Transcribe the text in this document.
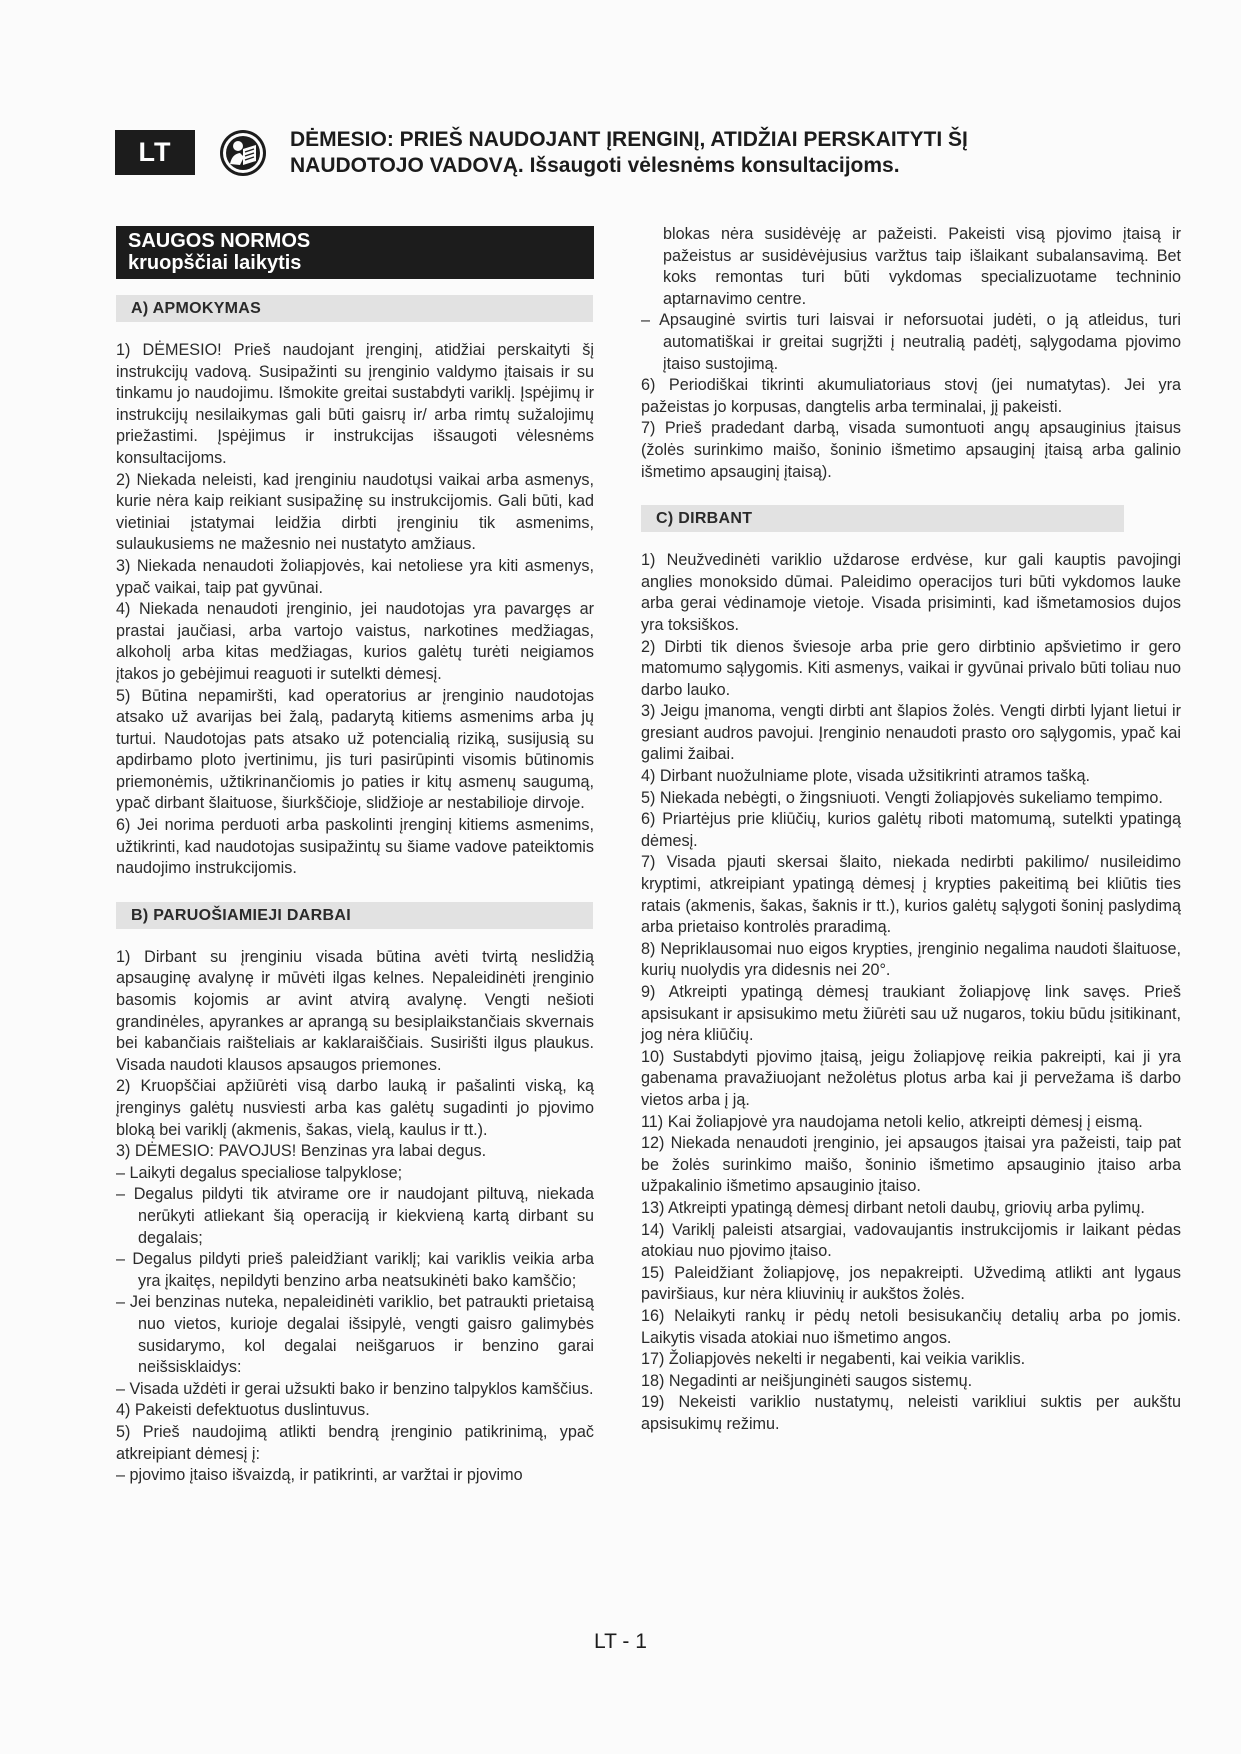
LT	DĖMESIO: PRIEŠ NAUDOJANT ĮRENGINĮ, ATIDŽIAI PERSKAITYTI ŠĮ
NAUDOTOJO VADOVĄ. Išsaugoti vėlesnėms konsultacijoms.
SAUGOS NORMOS
kruopščiai laikytis
A) APMOKYMAS

1) DĖMESIO! Prieš naudojant įrenginį, atidžiai perskaityti šį instrukcijų vadovą. Susipažinti su įrenginio valdymo įtaisais ir su tinkamu jo naudojimu. Išmokite greitai sustabdyti variklį. Įspėjimų ir instrukcijų nesilaikymas gali būti gaisrų ir/ arba rimtų sužalojimų priežastimi. Įspėjimus ir instrukcijas išsaugoti vėlesnėms konsultacijoms.

2) Niekada neleisti, kad įrenginiu naudotųsi vaikai arba asmenys, kurie nėra kaip reikiant susipažinę su instrukcijomis. Gali būti, kad vietiniai įstatymai leidžia dirbti įrenginiu tik asmenims, sulaukusiems ne mažesnio nei nustatyto amžiaus.

3) Niekada nenaudoti žoliapjovės, kai netoliese yra kiti asmenys, ypač vaikai, taip pat gyvūnai.

4) Niekada nenaudoti įrenginio, jei naudotojas yra pavargęs ar prastai jaučiasi, arba vartojo vaistus, narkotines medžiagas, alkoholį arba kitas medžiagas, kurios galėtų turėti neigiamos įtakos jo gebėjimui reaguoti ir sutelkti dėmesį.

5) Būtina nepamiršti, kad operatorius ar įrenginio naudotojas atsako už avarijas bei žalą, padarytą kitiems asmenims arba jų turtui. Naudotojas pats atsako už potencialią riziką, susijusią su apdirbamo ploto įvertinimu, jis turi pasirūpinti visomis būtinomis priemonėmis, užtikrinančiomis jo paties ir kitų asmenų saugumą, ypač dirbant šlaituose, šiurkščioje, slidžioje ar nestabilioje dirvoje.

6) Jei norima perduoti arba paskolinti įrenginį kitiems asmenims, užtikrinti, kad naudotojas susipažintų su šiame vadove pateiktomis naudojimo instrukcijomis.

B) PARUOŠIAMIEJI DARBAI

1) Dirbant su įrenginiu visada būtina avėti tvirtą neslidžią apsauginę avalynę ir mūvėti ilgas kelnes. Nepaleidinėti įrenginio basomis kojomis ar avint atvirą avalynę. Vengti nešioti grandinėles, apyrankes ar aprangą su besiplaikstančiais skvernais bei kabančiais raišteliais ar kaklaraiščiais. Susirišti ilgus plaukus. Visada naudoti klausos apsaugos priemones.

2) Kruopščiai apžiūrėti visą darbo lauką ir pašalinti viską, ką įrenginys galėtų nusviesti arba kas galėtų sugadinti jo pjovimo bloką bei variklį (akmenis, šakas, vielą, kaulus ir tt.).

3) DĖMESIO: PAVOJUS! Benzinas yra labai degus.

– Laikyti degalus specialiose talpyklose;

– Degalus pildyti tik atvirame ore ir naudojant piltuvą, niekada nerūkyti atliekant šią operaciją ir kiekvieną kartą dirbant su degalais;

– Degalus pildyti prieš paleidžiant variklį; kai variklis veikia arba yra įkaitęs, nepildyti benzino arba neatsukinėti bako kamščio;

– Jei benzinas nuteka, nepaleidinėti variklio, bet patraukti prietaisą nuo vietos, kurioje degalai išsipylė, vengti gaisro galimybės susidarymo, kol degalai neišgaruos ir benzino garai neišsisklaidys:

– Visada uždėti ir gerai užsukti bako ir benzino talpyklos kamščius.

4) Pakeisti defektuotus duslintuvus.

5) Prieš naudojimą atlikti bendrą įrenginio patikrinimą, ypač atkreipiant dėmesį į:

– pjovimo įtaiso išvaizdą, ir patikrinti, ar varžtai ir pjovimo

blokas nėra susidėvėję ar pažeisti. Pakeisti visą pjovimo įtaisą ir pažeistus ar susidėvėjusius varžtus taip išlaikant subalansavimą. Bet koks remontas turi būti vykdomas specializuotame techninio aptarnavimo centre.

– Apsauginė svirtis turi laisvai ir neforsuotai judėti, o ją atleidus, turi automatiškai ir greitai sugrįžti į neutralią padėtį, sąlygodama pjovimo įtaiso sustojimą.

6) Periodiškai tikrinti akumuliatoriaus stovį (jei numatytas). Jei yra pažeistas jo korpusas, dangtelis arba terminalai, jį pakeisti.

7) Prieš pradedant darbą, visada sumontuoti angų apsauginius įtaisus (žolės surinkimo maišo, šoninio išmetimo apsauginį įtaisą arba galinio išmetimo apsauginį įtaisą).

C) DIRBANT

1) Neužvedinėti variklio uždarose erdvėse, kur gali kauptis pavojingi anglies monoksido dūmai. Paleidimo operacijos turi būti vykdomos lauke arba gerai vėdinamoje vietoje. Visada prisiminti, kad išmetamosios dujos yra toksiškos.

2) Dirbti tik dienos šviesoje arba prie gero dirbtinio apšvietimo ir gero matomumo sąlygomis. Kiti asmenys, vaikai ir gyvūnai privalo būti toliau nuo darbo lauko.

3) Jeigu įmanoma, vengti dirbti ant šlapios žolės. Vengti dirbti lyjant lietui ir gresiant audros pavojui. Įrenginio nenaudoti prasto oro sąlygomis, ypač kai galimi žaibai.

4) Dirbant nuožulniame plote, visada užsitikrinti atramos tašką.

5) Niekada nebėgti, o žingsniuoti. Vengti žoliapjovės sukeliamo tempimo.

6) Priartėjus prie kliūčių, kurios galėtų riboti matomumą, sutelkti ypatingą dėmesį.

7) Visada pjauti skersai šlaito, niekada nedirbti pakilimo/ nusileidimo kryptimi, atkreipiant ypatingą dėmesį į krypties pakeitimą bei kliūtis ties ratais (akmenis, šakas, šaknis ir tt.), kurios galėtų sąlygoti šoninį paslydimą arba prietaiso kontrolės praradimą.

8) Nepriklausomai nuo eigos krypties, įrenginio negalima naudoti šlaituose, kurių nuolydis yra didesnis nei 20°.

9) Atkreipti ypatingą dėmesį traukiant žoliapjovę link savęs. Prieš apsisukant ir apsisukimo metu žiūrėti sau už nugaros, tokiu būdu įsitikinant, jog nėra kliūčių.

10) Sustabdyti pjovimo įtaisą, jeigu žoliapjovę reikia pakreipti, kai ji yra gabenama pravažiuojant nežolėtus plotus arba kai ji pervežama iš darbo vietos arba į ją.

11) Kai žoliapjovė yra naudojama netoli kelio, atkreipti dėmesį į eismą.

12) Niekada nenaudoti įrenginio, jei apsaugos įtaisai yra pažeisti, taip pat be žolės surinkimo maišo, šoninio išmetimo apsauginio įtaiso arba užpakalinio išmetimo apsauginio įtaiso.

13) Atkreipti ypatingą dėmesį dirbant netoli daubų, griovių arba pylimų.

14) Variklį paleisti atsargiai, vadovaujantis instrukcijomis ir laikant pėdas atokiau nuo pjovimo įtaiso.

15) Paleidžiant žoliapjovę, jos nepakreipti. Užvedimą atlikti ant lygaus paviršiaus, kur nėra kliuvinių ir aukštos žolės.

16) Nelaikyti rankų ir pėdų netoli besisukančių detalių arba po jomis. Laikytis visada atokiai nuo išmetimo angos.

17) Žoliapjovės nekelti ir negabenti, kai veikia variklis.

18) Negadinti ar neišjunginėti saugos sistemų.

19) Nekeisti variklio nustatymų, neleisti varikliui suktis per aukštu apsisukimų režimu.

LT - 1
